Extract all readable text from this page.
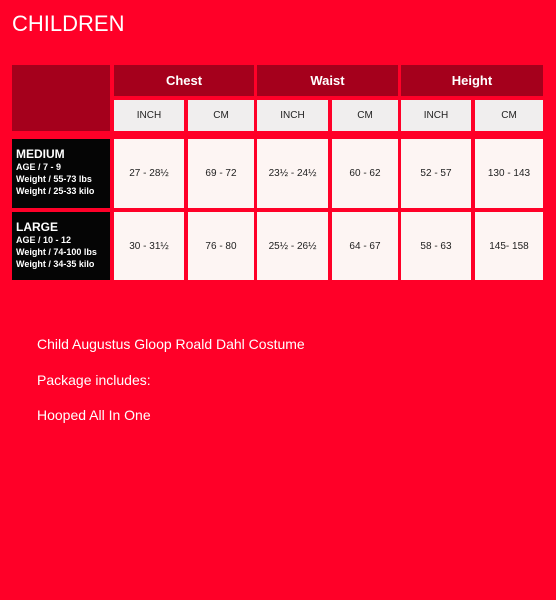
CHILDREN
Chest	Waist	Height
INCH	CM	INCH	CM	INCH	CM
MEDIUM
AGE / 7 - 9
Weight / 55-73 lbs
Weight / 25-33 kilo
27 - 28½	69 - 72	23½ - 24½	60 - 62	52 - 57	130 - 143
LARGE
AGE / 10 - 12
Weight / 74-100 lbs
Weight / 34-35 kilo
30 - 31½	76 - 80	25½ - 26½	64 - 67	58 - 63	145- 158
Child Augustus Gloop Roald Dahl Costume
Package includes:
Hooped All In One
